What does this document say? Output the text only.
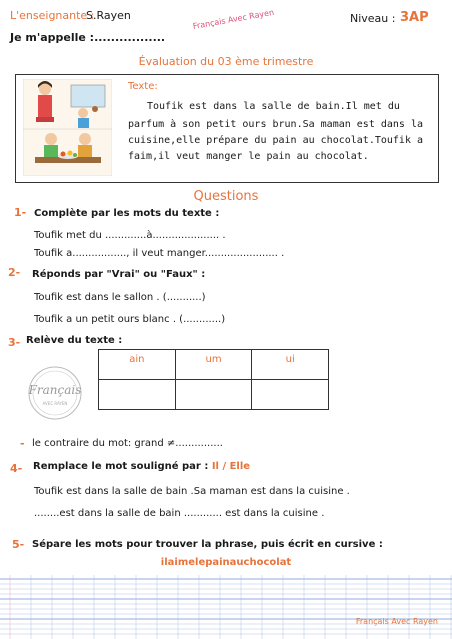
L'enseignante :
S.Rayen	Français Avec Rayen	Niveau : 3AP
Je m'appelle :.................
Évaluation du 03 ème trimestre
Texte:
Toufik est dans la salle de bain.Il met du
parfum à son petit ours brun.Sa maman est dans la
cuisine,elle prépare du pain au chocolat.Toufik a
faim,il veut manger le pain au chocolat.
Questions
1- Complète par les mots du texte :
Toufik met du .............à..................... .
Toufik a................., il veut manger....................... .
2- Réponds par "Vrai" ou "Faux" :
Toufik est dans le sallon . (...........)
Toufik a un petit ours blanc . (............)
3- Relève du texte :
Français
AVEC RAYEN
ain	um	ui

- le contraire du mot: grand ≠...............
4- Remplace le mot souligné par : Il / Elle
Toufik est dans la salle de bain .Sa maman est dans la cuisine .
........est dans la salle de bain ............ est dans la cuisine .
5- Sépare les mots pour trouver la phrase, puis écrit en cursive :
ilaimelepainauchocolat
Français Avec Rayen
